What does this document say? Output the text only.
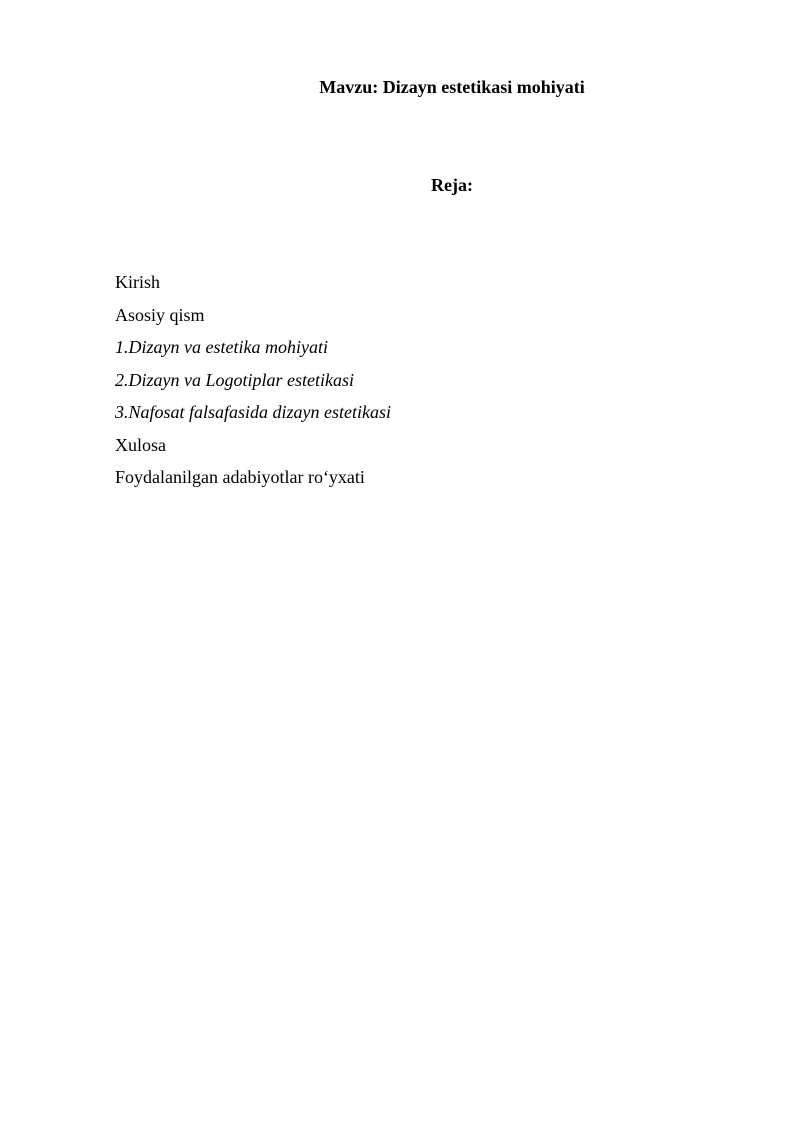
Mavzu: Dizayn estetikasi mohiyati
Reja:
Kirish
Asosiy qism
1.Dizayn va estetika mohiyati
2.Dizayn va Logotiplar estetikasi
3.Nafosat falsafasida dizayn estetikasi
Xulosa
Foydalanilgan adabiyotlar ro‘yxati
